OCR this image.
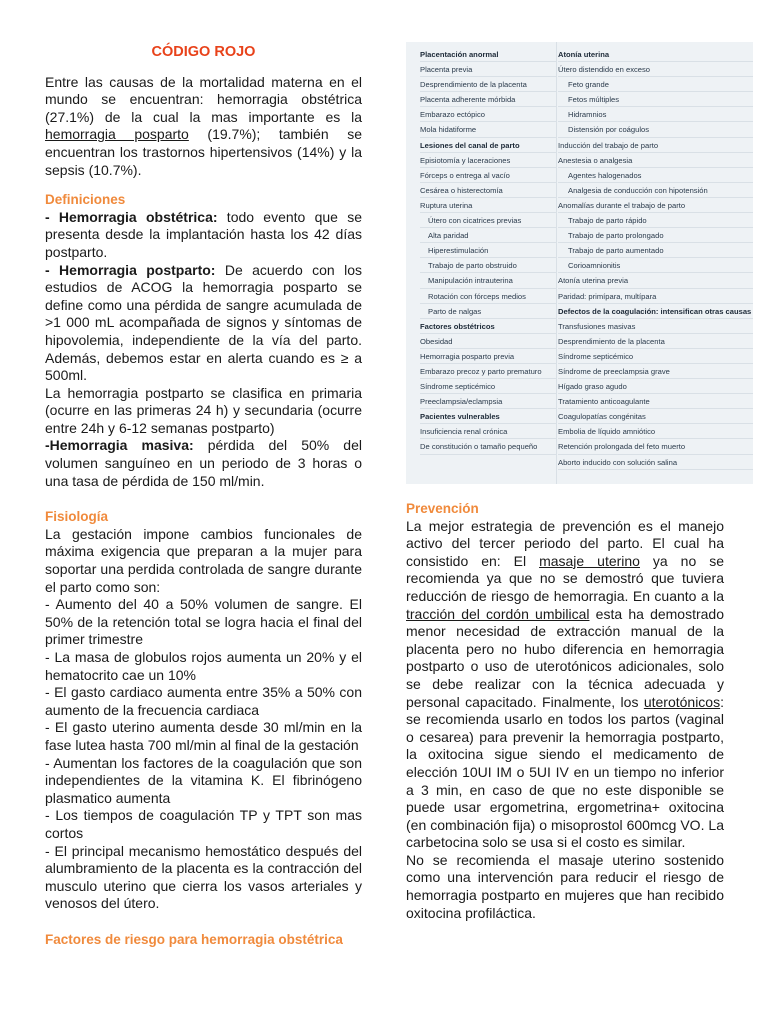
CÓDIGO ROJO

Entre las causas de la mortalidad materna en el mundo se encuentran: hemorragia obstétrica (27.1%) de la cual la mas importante es la hemorragia posparto (19.7%); también se encuentran los trastornos hipertensivos (14%) y la sepsis (10.7%).

Definiciones

- Hemorragia obstétrica: todo evento que se presenta desde la implantación hasta los 42 días postparto.

- Hemorragia postparto: De acuerdo con los estudios de ACOG la hemorragia posparto se define como una pérdida de sangre acumulada de >1 000 mL acompañada de signos y síntomas de hipovolemia, independiente de la vía del parto. Además, debemos estar en alerta cuando es ≥ a 500ml.

La hemorragia postparto se clasifica en primaria (ocurre en las primeras 24 h) y secundaria (ocurre entre 24h y 6-12 semanas postparto)

-Hemorragia masiva: pérdida del 50% del volumen sanguíneo en un periodo de 3 horas o una tasa de pérdida de 150 ml/min.

Fisiología

La gestación impone cambios funcionales de máxima exigencia que preparan a la mujer para soportar una perdida controlada de sangre durante el parto como son:

- Aumento del 40 a 50% volumen de sangre. El 50% de la retención total se logra hacia el final del primer trimestre

- La masa de globulos rojos aumenta un 20% y el hematocrito cae un 10%

- El gasto cardiaco aumenta entre 35% a 50% con aumento de la frecuencia cardiaca

- El gasto uterino aumenta desde 30 ml/min en la fase lutea hasta 700 ml/min al final de la gestación

- Aumentan los factores de la coagulación que son independientes de la vitamina K. El fibrinógeno plasmatico aumenta

- Los tiempos de coagulación TP y TPT son mas cortos

- El principal mecanismo hemostático después del alumbramiento de la placenta es la contracción del musculo uterino que cierra los vasos arteriales y venosos del útero.

Factores de riesgo para hemorragia obstétrica
Placentación anormal
Placenta previa
Desprendimiento de la placenta
Placenta adherente mórbida
Embarazo ectópico
Mola hidatiforme
Lesiones del canal de parto
Episiotomía y laceraciones
Fórceps o entrega al vacío
Cesárea o histerectomía
Ruptura uterina
Útero con cicatrices previas
Alta paridad
Hiperestimulación
Trabajo de parto obstruido
Manipulación intrauterina
Rotación con fórceps medios
Parto de nalgas
Factores obstétricos
Obesidad
Hemorragia posparto previa
Embarazo precoz y parto prematuro
Síndrome septicémico
Preeclampsia/eclampsia
Pacientes vulnerables
Insuficiencia renal crónica
De constitución o tamaño pequeño
Atonía uterina
Útero distendido en exceso
Feto grande
Fetos múltiples
Hidramnios
Distensión por coágulos
Inducción del trabajo de parto
Anestesia o analgesia
Agentes halogenados
Analgesia de conducción con hipotensión
Anomalías durante el trabajo de parto
Trabajo de parto rápido
Trabajo de parto prolongado
Trabajo de parto aumentado
Corioamnionitis
Atonía uterina previa
Paridad: primípara, multípara
Defectos de la coagulación: intensifican otras causas
Transfusiones masivas
Desprendimiento de la placenta
Síndrome septicémico
Síndrome de preeclampsia grave
Hígado graso agudo
Tratamiento anticoagulante
Coagulopatías congénitas
Embolia de líquido amniótico
Retención prolongada del feto muerto
Aborto inducido con solución salina
Prevención

La mejor estrategia de prevención es el manejo activo del tercer periodo del parto. El cual ha consistido en: El masaje uterino ya no se recomienda ya que no se demostró que tuviera reducción de riesgo de hemorragia. En cuanto a la tracción del cordón umbilical esta ha demostrado menor necesidad de extracción manual de la placenta pero no hubo diferencia en hemorragia postparto o uso de uterotónicos adicionales, solo se debe realizar con la técnica adecuada y personal capacitado. Finalmente, los uterotónicos: se recomienda usarlo en todos los partos (vaginal o cesarea) para prevenir la hemorragia postparto, la oxitocina sigue siendo el medicamento de elección 10UI IM o 5UI IV en un tiempo no inferior a 3 min, en caso de que no este disponible se puede usar ergometrina, ergometrina+ oxitocina (en combinación fija) o misoprostol 600mcg VO. La carbetocina solo se usa si el costo es similar.

No se recomienda el masaje uterino sostenido como una intervención para reducir el riesgo de hemorragia postparto en mujeres que han recibido oxitocina profiláctica.
